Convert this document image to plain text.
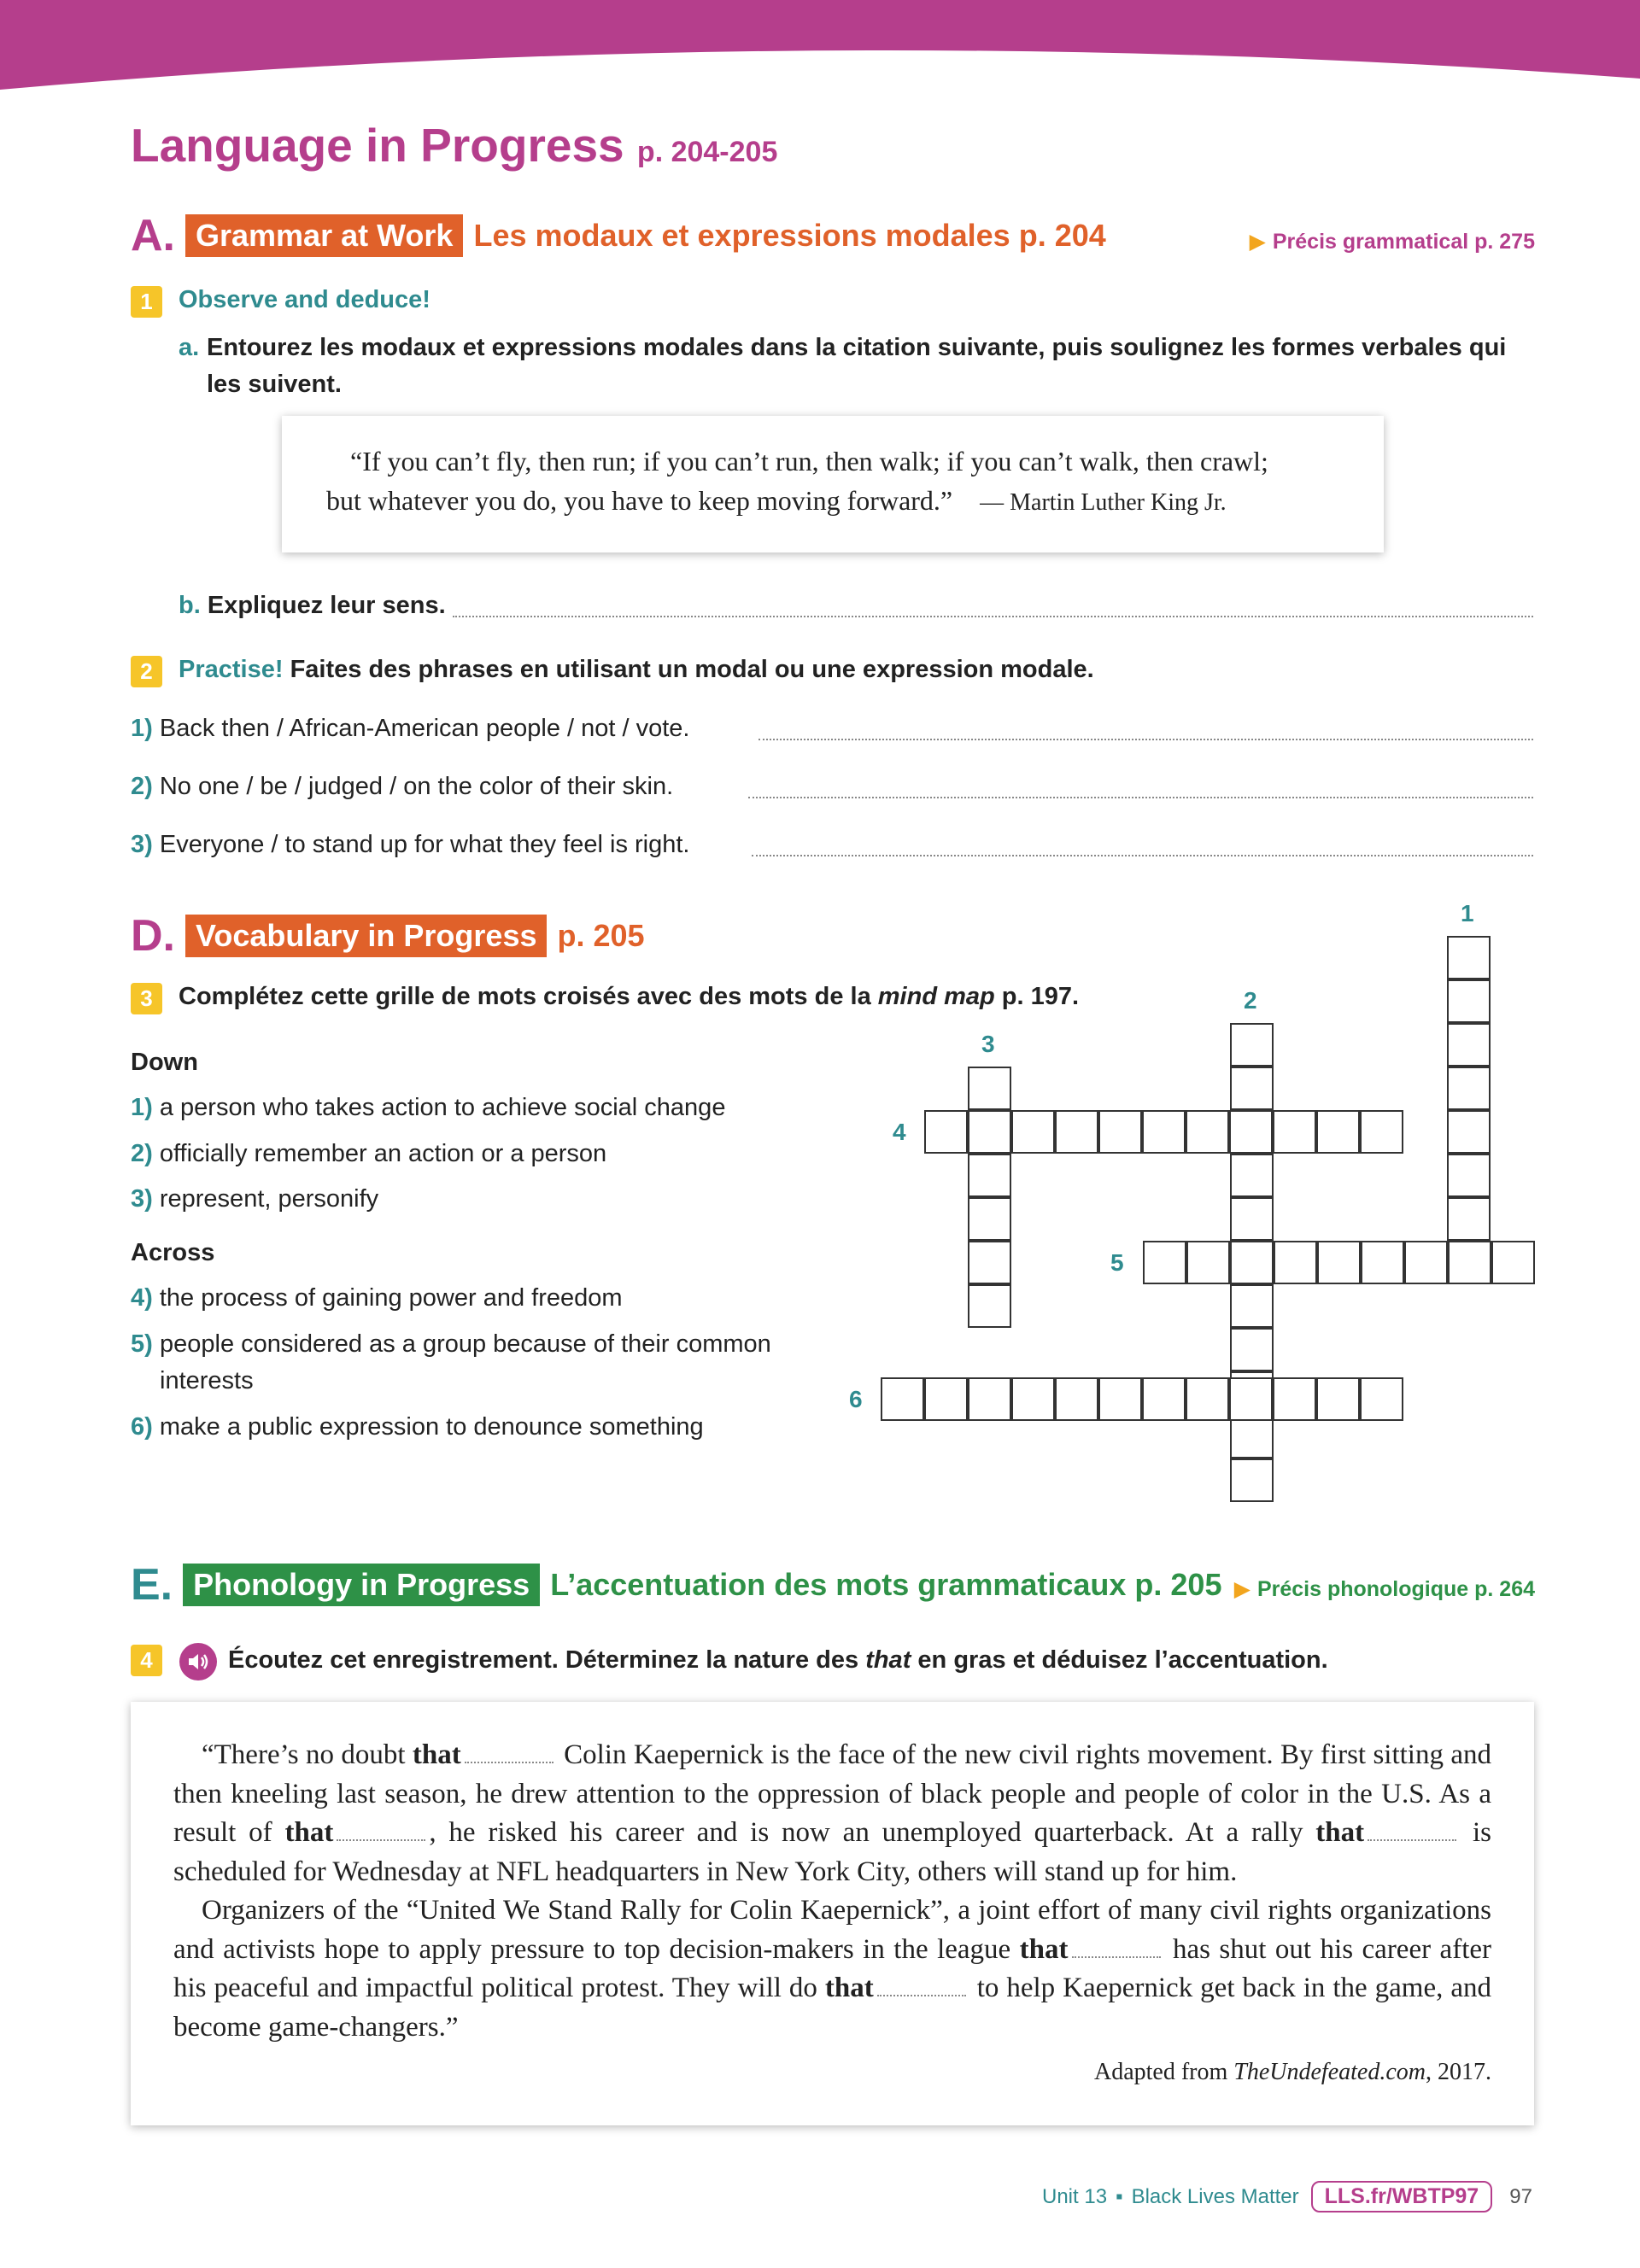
Language in Progress p. 204-205
A. Grammar at Work Les modaux et expressions modales p. 204	▶ Précis grammatical p. 275
1	Observe and deduce!
a. Entourez les modaux et expressions modales dans la citation suivante, puis soulignez les formes verbales qui les suivent.
“If you can’t fly, then run; if you can’t run, then walk; if you can’t walk, then crawl;
but whatever you do, you have to keep moving forward.” — Martin Luther King Jr.
b. Expliquez leur sens.
2	Practise! Faites des phrases en utilisant un modal ou une expression modale.
1) Back then / African-American people / not / vote.
2) No one / be / judged / on the color of their skin.
3) Everyone / to stand up for what they feel is right.
D. Vocabulary in Progress p. 205
3	Complétez cette grille de mots croisés avec des mots de la mind map p. 197.
Down
1) a person who takes action to achieve social change
2) officially remember an action or a person
3) represent, personify
Across
4) the process of gaining power and freedom
5) people considered as a group because of their common interests
6) make a public expression to denounce something
1
2
3
4
5
6
E. Phonology in Progress L’accentuation des mots grammaticaux p. 205 ▶ Précis phonologique p. 264
4	Écoutez cet enregistrement. Déterminez la nature des that en gras et déduisez l’accentuation.
“There’s no doubt that	Colin Kaepernick is the face of the new civil rights movement. By first sitting and then kneeling last season, he drew attention to the oppression of black people and people of color in the U.S. As a result of that	, he risked his career and is now an unemployed quarterback. At a rally that	is scheduled for Wednesday at NFL headquarters in New York City, others will stand up for him.
Organizers of the “United We Stand Rally for Colin Kaepernick”, a joint effort of many civil rights organizations and activists hope to apply pressure to top decision-makers in the league that	has shut out his career after his peaceful and impactful political protest. They will do that	to help Kaepernick get back in the game, and become game-changers.”
Adapted from TheUndefeated.com, 2017.
Unit 13 ▪ Black Lives Matter	LLS.fr/WBTP97	97
